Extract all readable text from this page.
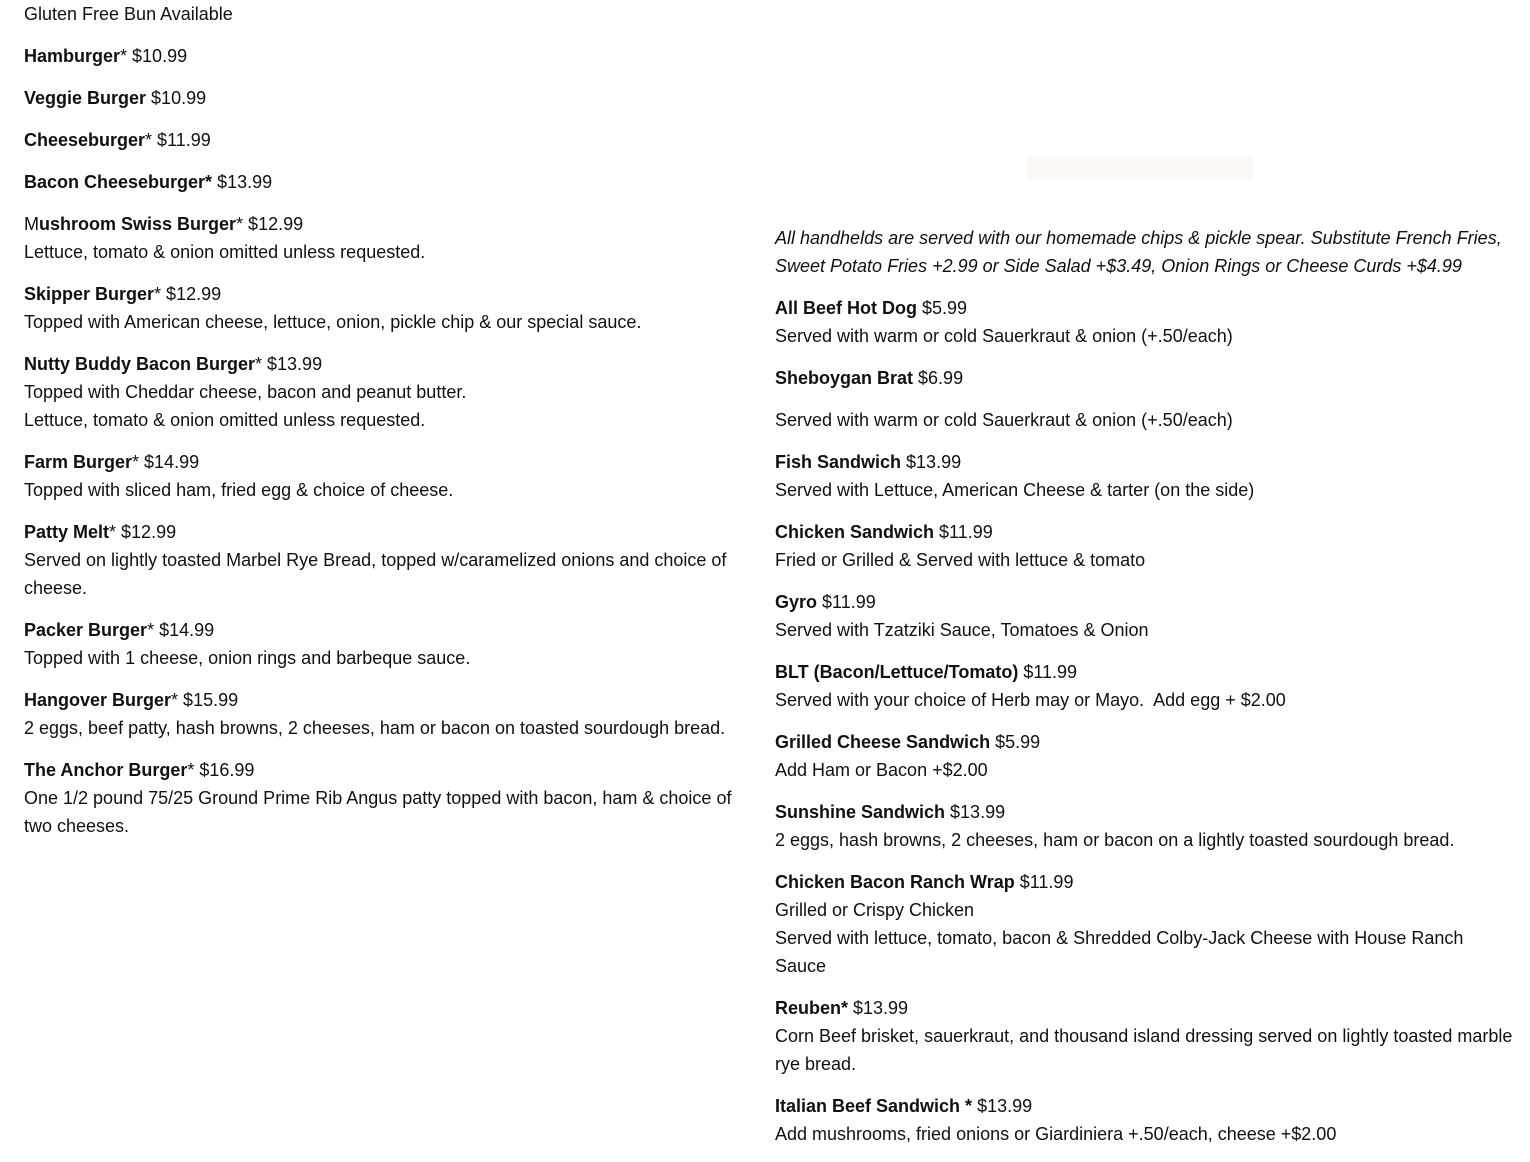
Gluten Free Bun Available
Hamburger* $10.99
Veggie Burger $10.99
Cheeseburger* $11.99
Bacon Cheeseburger* $13.99
Mushroom Swiss Burger* $12.99
Lettuce, tomato & onion omitted unless requested.
Skipper Burger* $12.99
Topped with American cheese, lettuce, onion, pickle chip & our special sauce.
Nutty Buddy Bacon Burger* $13.99
Topped with Cheddar cheese, bacon and peanut butter.
Lettuce, tomato & onion omitted unless requested.
Farm Burger* $14.99
Topped with sliced ham, fried egg & choice of cheese.
Patty Melt* $12.99
Served on lightly toasted Marbel Rye Bread, topped w/caramelized onions and choice of cheese.
Packer Burger* $14.99
Topped with 1 cheese, onion rings and barbeque sauce.
Hangover Burger* $15.99
2 eggs, beef patty, hash browns, 2 cheeses, ham or bacon on toasted sourdough bread.
The Anchor Burger* $16.99
One 1/2 pound 75/25 Ground Prime Rib Angus patty topped with bacon, ham & choice of two cheeses.
All handhelds are served with our homemade chips & pickle spear. Substitute French Fries, Sweet Potato Fries +2.99 or Side Salad +$3.49, Onion Rings or Cheese Curds +$4.99
All Beef Hot Dog $5.99
Served with warm or cold Sauerkraut & onion (+.50/each)
Sheboygan Brat $6.99
Served with warm or cold Sauerkraut & onion (+.50/each)
Fish Sandwich $13.99
Served with Lettuce, American Cheese & tarter (on the side)
Chicken Sandwich $11.99
Fried or Grilled & Served with lettuce & tomato
Gyro $11.99
Served with Tzatziki Sauce, Tomatoes & Onion
BLT (Bacon/Lettuce/Tomato) $11.99
Served with your choice of Herb may or Mayo.  Add egg + $2.00
Grilled Cheese Sandwich $5.99
Add Ham or Bacon +$2.00
Sunshine Sandwich $13.99
2 eggs, hash browns, 2 cheeses, ham or bacon on a lightly toasted sourdough bread.
Chicken Bacon Ranch Wrap $11.99
Grilled or Crispy Chicken
Served with lettuce, tomato, bacon & Shredded Colby-Jack Cheese with House Ranch Sauce
Reuben* $13.99
Corn Beef brisket, sauerkraut, and thousand island dressing served on lightly toasted marble rye bread.
Italian Beef Sandwich * $13.99
Add mushrooms, fried onions or Giardiniera +.50/each, cheese +$2.00
